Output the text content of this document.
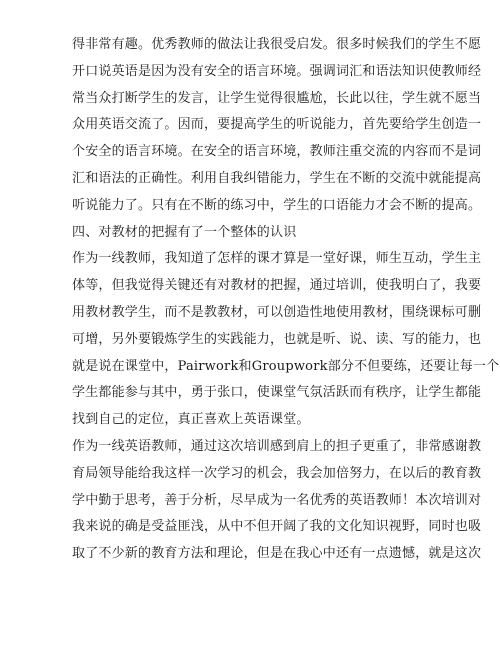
得非常有趣。优秀教师的做法让我很受启发。很多时候我们的学生不愿

开口说英语是因为没有安全的语言环境。强调词汇和语法知识使教师经

常当众打断学生的发言，让学生觉得很尴尬，长此以往，学生就不愿当

众用英语交流了。因而，要提高学生的听说能力，首先要给学生创造一

个安全的语言环境。在安全的语言环境，教师注重交流的内容而不是词

汇和语法的正确性。利用自我纠错能力，学生在不断的交流中就能提高

听说能力了。只有在不断的练习中，学生的口语能力才会不断的提高。

四、对教材的把握有了一个整体的认识

作为一线教师，我知道了怎样的课才算是一堂好课，师生互动，学生主

体等，但我觉得关键还有对教材的把握，通过培训，使我明白了，我要

用教材教学生，而不是教教材，可以创造性地使用教材，围绕课标可删

可增，另外要锻炼学生的实践能力，也就是听、说、读、写的能力，也

就是说在课堂中，Pairwork和Groupwork部分不但要练，还要让每一个

学生都能参与其中，勇于张口，使课堂气氛活跃而有秩序，让学生都能

找到自己的定位，真正喜欢上英语课堂。

作为一线英语教师，通过这次培训感到肩上的担子更重了，非常感谢教

育局领导能给我这样一次学习的机会，我会加倍努力，在以后的教育教

学中勤于思考，善于分析，尽早成为一名优秀的英语教师！本次培训对

我来说的确是受益匪浅，从中不但开阔了我的文化知识视野，同时也吸

取了不少新的教育方法和理论，但是在我心中还有一点遗憾，就是这次
